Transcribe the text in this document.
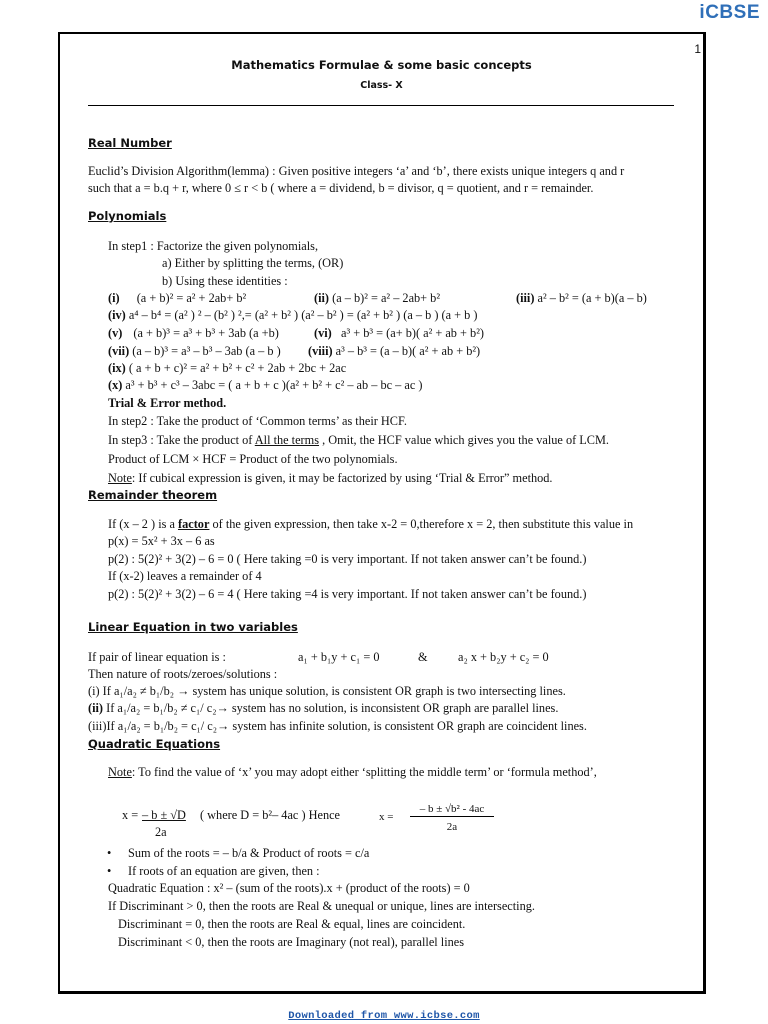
iCBSE
1
Mathematics Formulae & some basic concepts
Class- X
Real Number
Euclid’s Division Algorithm(lemma) : Given positive integers ‘a’ and ‘b’, there exists unique integers q and r
such that a = b.q + r, where 0 ≤ r < b ( where a = dividend, b = divisor, q = quotient, and r = remainder.
Polynomials
In step1 : Factorize the given polynomials,
a) Either by splitting the terms, (OR)
b) Using these identities :
(i) (a + b)² = a² + 2ab+ b²	(ii) (a – b)² = a² – 2ab+ b²	(iii) a² – b² = (a + b)(a – b)
(iv) a⁴ – b⁴ = (a² ) ² – (b² ) ²,= (a² + b² ) (a² – b² ) = (a² + b² ) (a – b ) (a + b )
(v) (a + b)³ = a³ + b³ + 3ab (a +b)	(vi) a³ + b³ = (a+ b)( a² + ab + b²)
(vii) (a – b)³ = a³ – b³ – 3ab (a – b ) (viii) a³ – b³ = (a – b)( a² + ab + b²)
(ix) ( a + b + c)² = a² + b² + c² + 2ab + 2bc + 2ac
(x) a³ + b³ + c³ – 3abc = ( a + b + c )(a² + b² + c² – ab – bc – ac )
Trial & Error method.
In step2 : Take the product of ‘Common terms’ as their HCF.
In step3 : Take the product of All the terms , Omit, the HCF value which gives you the value of LCM.
Product of LCM × HCF = Product of the two polynomials.
Note: If cubical expression is given, it may be factorized by using ‘Trial & Error” method.
Remainder theorem
If (x – 2 ) is a factor of the given expression, then take x-2 = 0,therefore x = 2, then substitute this value in
p(x) = 5x² + 3x – 6 as
p(2) : 5(2)² + 3(2) – 6 = 0 ( Here taking =0 is very important. If not taken answer can’t be found.)
If (x-2) leaves a remainder of 4
p(2) : 5(2)² + 3(2) – 6 = 4 ( Here taking =4 is very important. If not taken answer can’t be found.)
Linear Equation in two variables
If pair of linear equation is :	a₁ + b₁y + c₁ = 0	& a₂ x + b₂y + c₂ = 0
Then nature of roots/zeroes/solutions :
(i) If a₁/a₂ ≠ b₁/b₂ → system has unique solution, is consistent OR graph is two intersecting lines.
(ii) If a₁/a₂ = b₁/b₂ ≠ c₁/ c₂→ system has no solution, is inconsistent OR graph are parallel lines.
(iii)If a₁/a₂ = b₁/b₂ = c₁/ c₂→ system has infinite solution, is consistent OR graph are coincident lines.
Quadratic Equations
Note: To find the value of ‘x’ you may adopt either ‘splitting the middle term’ or ‘formula method’,
x = – b ± √D
2a
( where D = b²– 4ac ) Hence	x =
– b ± √b² - 4ac
2a
• Sum of the roots = – b/a & Product of roots = c/a
• If roots of an equation are given, then :
Quadratic Equation : x² – (sum of the roots).x + (product of the roots) = 0
If Discriminant > 0, then the roots are Real & unequal or unique, lines are intersecting.
Discriminant = 0, then the roots are Real & equal, lines are coincident.
Discriminant < 0, then the roots are Imaginary (not real), parallel lines
Downloaded from www.icbse.com
